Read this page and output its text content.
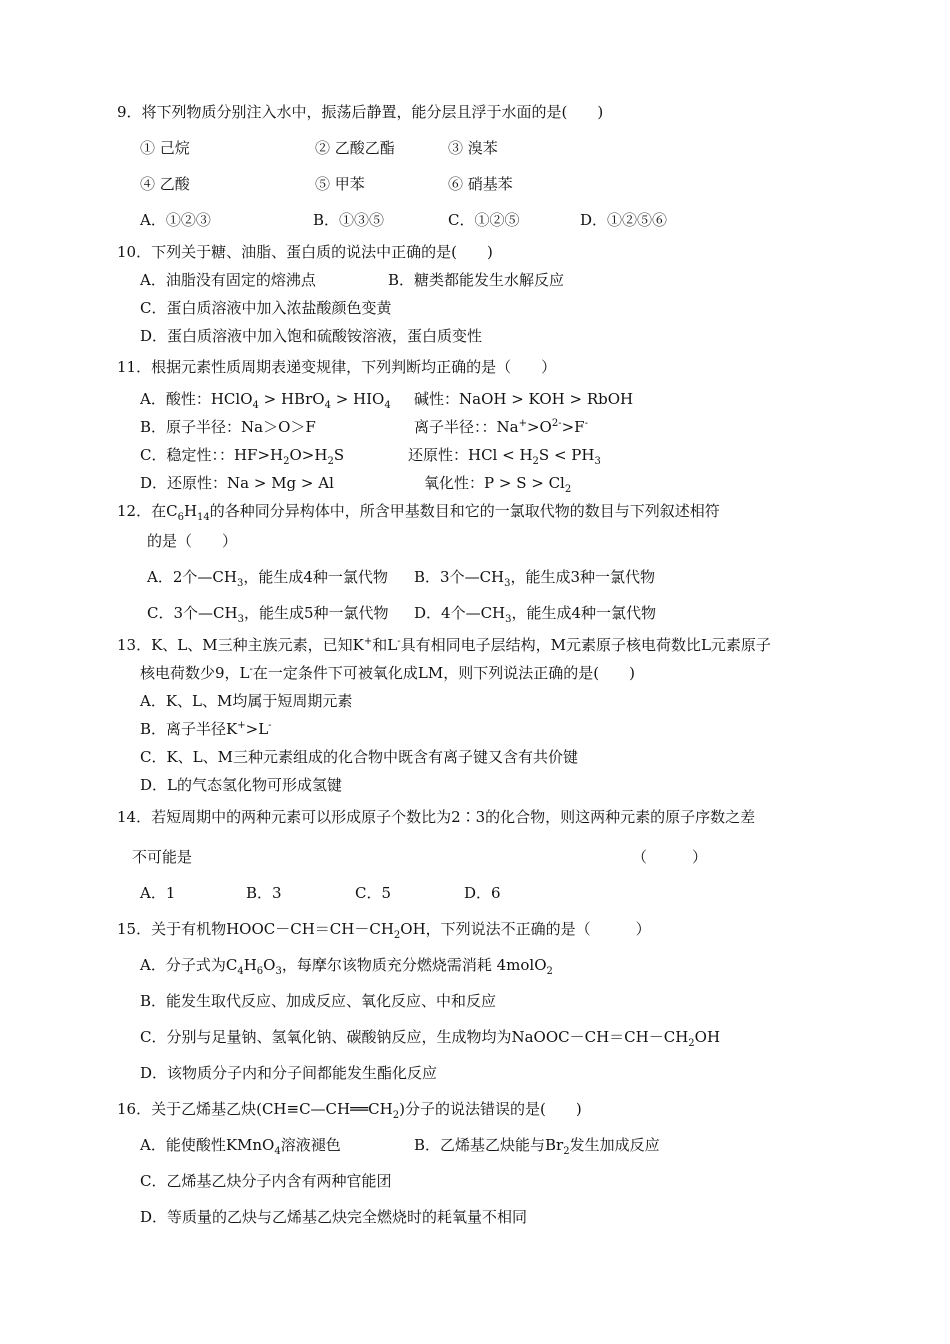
9．将下列物质分别注入水中，振荡后静置，能分层且浮于水面的是(　　)
① 己烷	② 乙酸乙酯	③ 溴苯
④ 乙酸	⑤ 甲苯	⑥ 硝基苯
A．①②③	B．①③⑤	C．①②⑤	D．①②⑤⑥
10．下列关于糖、油脂、蛋白质的说法中正确的是(　　)
A．油脂没有固定的熔沸点	B．糖类都能发生水解反应
C．蛋白质溶液中加入浓盐酸颜色变黄
D．蛋白质溶液中加入饱和硫酸铵溶液，蛋白质变性
11．根据元素性质周期表递变规律，下列判断均正确的是（　　）
A．酸性：HClO$_4$ > HBrO$_4$ > $HIO_4$ 碱性：NaOH > KOH > RbOH
B．原子半径：Na＞O＞F	离子半径：：$Na^+>O^{2-}>F^-$
C．稳定性：：$HF>H_2O>H_2S$	还原性：HCl < $H_2S < PH_3$
D．还原性：Na > Mg > Al	氧化性：$P > S > Cl_2$
12．在$C_6H_{14}$的各种同分异构体中，所含甲基数目和它的一氯取代物的数目与下列叙述相符
的是（　　）
A．2个$—CH_3$，能生成4种一氯代物 B．3个$—CH_3$，能生成3种一氯代物
C．3个$—CH_3$，能生成5种一氯代物 D．4个$—CH_3$，能生成4种一氯代物
13．K、L、M三种主族元素，已知K+和L-具有相同电子层结构，M元素原子核电荷数比L元素原子
核电荷数少9，L-在一定条件下可被氧化成LM，则下列说法正确的是(　　)
A．K、L、M均属于短周期元素
B．离子半径K+>L-
C．K、L、M三种元素组成的化合物中既含有离子键又含有共价键
D．L的气态氢化物可形成氢键
14．若短周期中的两种元素可以形成原子个数比为2∶3的化合物，则这两种元素的原子序数之差
不可能是	（　　　）
A．1	B．3	C．5	D．6
15．关于有机物$HOOC-CH=CH-CH_2OH$，下列说法不正确的是（　　　）
A．分子式为$C_4H_6O_3$，每摩尔该物质充分燃烧需消耗 4molO$_2$
B．能发生取代反应、加成反应、氧化反应、中和反应
C．分别与足量钠、氢氧化钠、碳酸钠反应，生成物均为$NaOOC-CH=CH-CH_2OH$
D．该物质分子内和分子间都能发生酯化反应
16．关于乙烯基乙炔$(CH\equiv C—CH══CH_2)$分子的说法错误的是(　　)
A．能使酸性KMnO$_4$溶液褪色	B．乙烯基乙炔能与$Br_2$发生加成反应
C．乙烯基乙炔分子内含有两种官能团
D．等质量的乙炔与乙烯基乙炔完全燃烧时的耗氧量不相同
